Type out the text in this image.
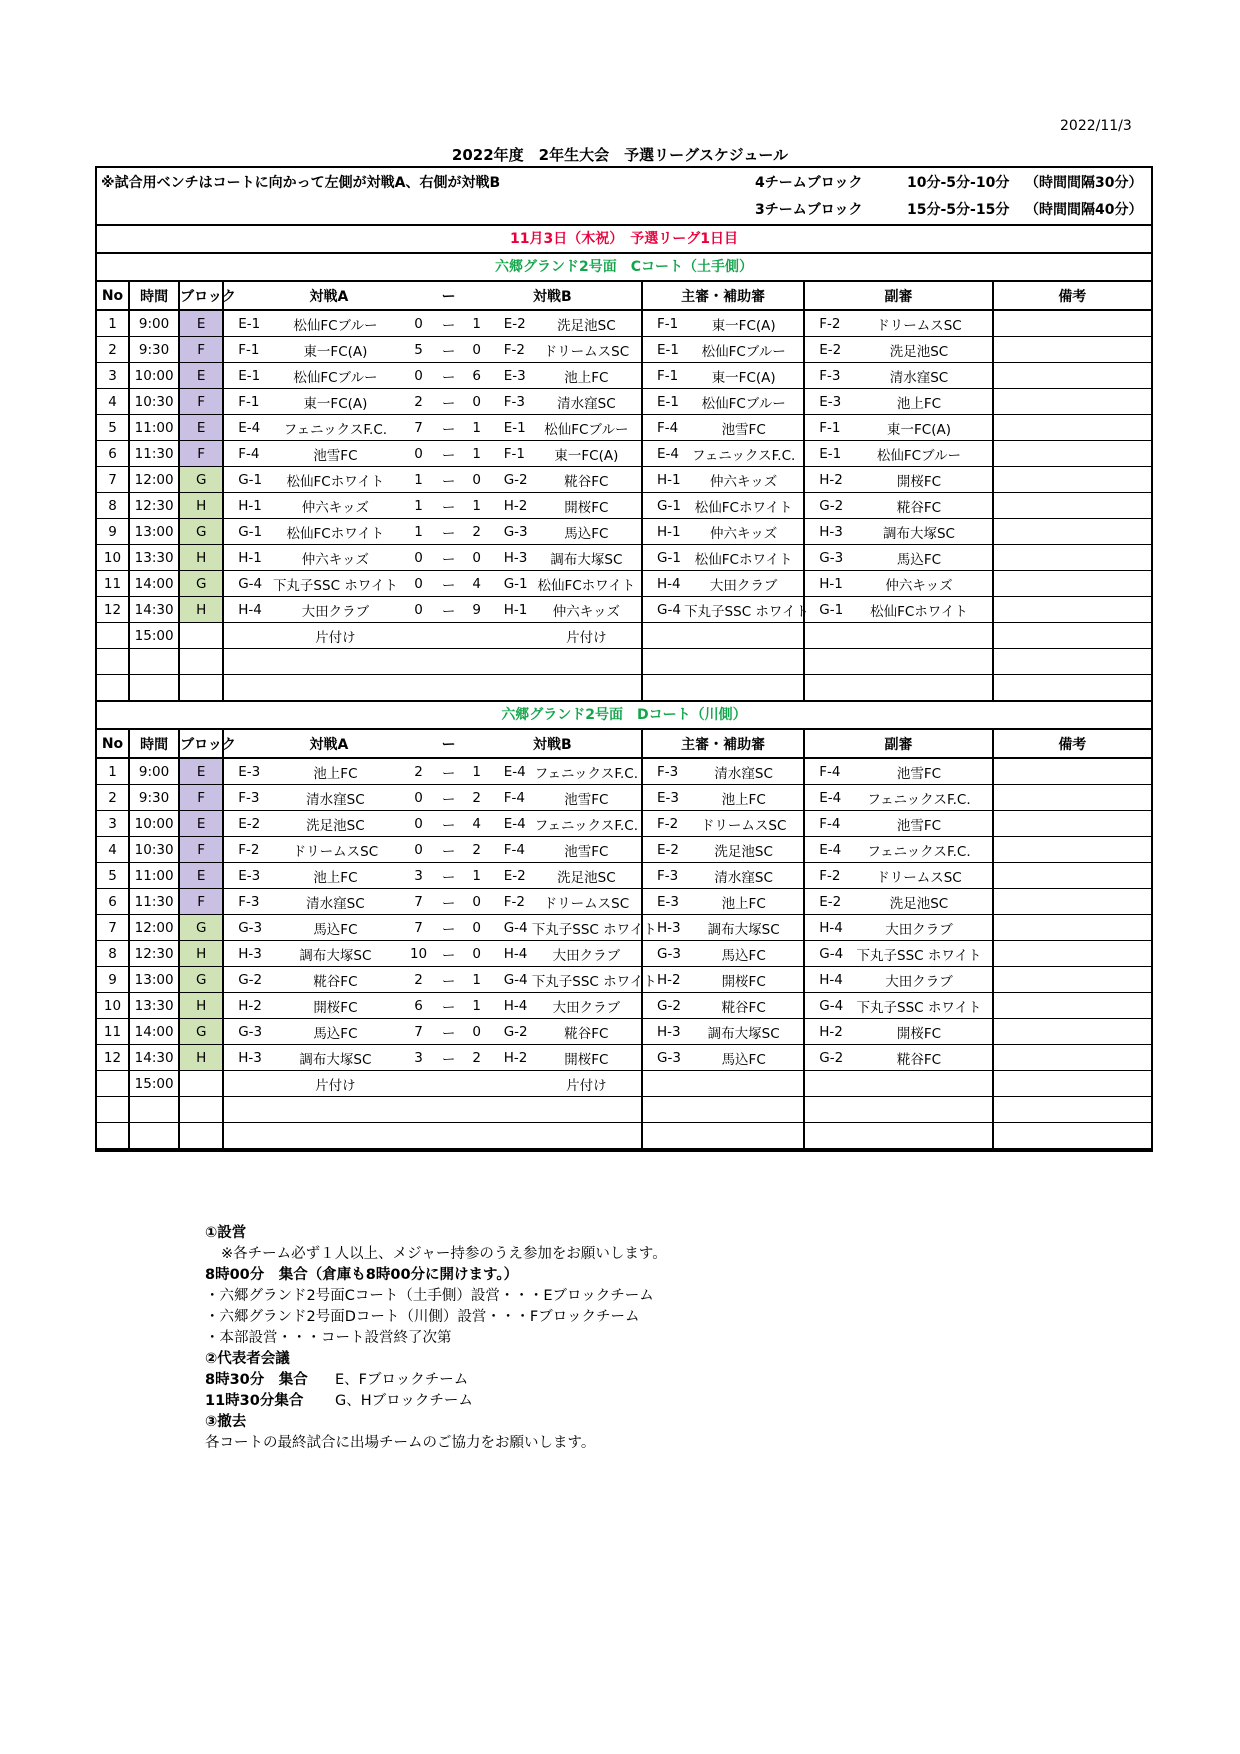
2022/11/3
2022年度　2年生大会　予選リーグスケジュール
※試合用ベンチはコートに向かって左側が対戦A、右側が対戦B	4チームブロック	10分-5分-10分 （時間間隔30分）
3チームブロック	15分-5分-15分 （時間間隔40分）
11月3日（木祝）　予選リーグ1日目
六郷グランド2号面　Cコート（土手側）
No	時間	ブロック	対戦A			ー	対戦B			主審・補助審		副審		備考
1	9:00	E	E-1	松仙FCブルー	0	ー	1	E-2	洗足池SC	F-1	東一FC(A)	F-2	ドリームスSC	
2	9:30	F	F-1	東一FC(A)	5	ー	0	F-2	ドリームスSC	E-1	松仙FCブルー	E-2	洗足池SC	
3	10:00	E	E-1	松仙FCブルー	0	ー	6	E-3	池上FC	F-1	東一FC(A)	F-3	清水窪SC	
4	10:30	F	F-1	東一FC(A)	2	ー	0	F-3	清水窪SC	E-1	松仙FCブルー	E-3	池上FC	
5	11:00	E	E-4	フェニックスF.C.	7	ー	1	E-1	松仙FCブルー	F-4	池雪FC	F-1	東一FC(A)	
6	11:30	F	F-4	池雪FC	0	ー	1	F-1	東一FC(A)	E-4	フェニックスF.C.	E-1	松仙FCブルー	
7	12:00	G	G-1	松仙FCホワイト	1	ー	0	G-2	糀谷FC	H-1	仲六キッズ	H-2	開桜FC	
8	12:30	H	H-1	仲六キッズ	1	ー	1	H-2	開桜FC	G-1	松仙FCホワイト	G-2	糀谷FC	
9	13:00	G	G-1	松仙FCホワイト	1	ー	2	G-3	馬込FC	H-1	仲六キッズ	H-3	調布大塚SC	
10	13:30	H	H-1	仲六キッズ	0	ー	0	H-3	調布大塚SC	G-1	松仙FCホワイト	G-3	馬込FC	
11	14:00	G	G-4	下丸子SSC ホワイト	0	ー	4	G-1	松仙FCホワイト	H-4	大田クラブ	H-1	仲六キッズ	
12	14:30	H	H-4	大田クラブ	0	ー	9	H-1	仲六キッズ	G-4	下丸子SSC ホワイト	G-1	松仙FCホワイト	
	15:00			片付け					片付け					

六郷グランド2号面　Dコート（川側）
No	時間	ブロック	対戦A			ー	対戦B			主審・補助審		副審		備考
1	9:00	E	E-3	池上FC	2	ー	1	E-4	フェニックスF.C.	F-3	清水窪SC	F-4	池雪FC	
2	9:30	F	F-3	清水窪SC	0	ー	2	F-4	池雪FC	E-3	池上FC	E-4	フェニックスF.C.	
3	10:00	E	E-2	洗足池SC	0	ー	4	E-4	フェニックスF.C.	F-2	ドリームスSC	F-4	池雪FC	
4	10:30	F	F-2	ドリームスSC	0	ー	2	F-4	池雪FC	E-2	洗足池SC	E-4	フェニックスF.C.	
5	11:00	E	E-3	池上FC	3	ー	1	E-2	洗足池SC	F-3	清水窪SC	F-2	ドリームスSC	
6	11:30	F	F-3	清水窪SC	7	ー	0	F-2	ドリームスSC	E-3	池上FC	E-2	洗足池SC	
7	12:00	G	G-3	馬込FC	7	ー	0	G-4	下丸子SSC ホワイト	H-3	調布大塚SC	H-4	大田クラブ	
8	12:30	H	H-3	調布大塚SC	10	ー	0	H-4	大田クラブ	G-3	馬込FC	G-4	下丸子SSC ホワイト	
9	13:00	G	G-2	糀谷FC	2	ー	1	G-4	下丸子SSC ホワイト	H-2	開桜FC	H-4	大田クラブ	
10	13:30	H	H-2	開桜FC	6	ー	1	H-4	大田クラブ	G-2	糀谷FC	G-4	下丸子SSC ホワイト	
11	14:00	G	G-3	馬込FC	7	ー	0	G-2	糀谷FC	H-3	調布大塚SC	H-2	開桜FC	
12	14:30	H	H-3	調布大塚SC	3	ー	2	H-2	開桜FC	G-3	馬込FC	G-2	糀谷FC	
	15:00			片付け					片付け					

①設営
※各チーム必ず１人以上、メジャー持参のうえ参加をお願いします。
8時00分　集合（倉庫も8時00分に開けます。）
・六郷グランド2号面Cコート（土手側）設営・・・Eブロックチーム
・六郷グランド2号面Dコート（川側）設営・・・Fブロックチーム
・本部設営・・・コート設営終了次第
②代表者会議
8時30分　集合 E、Fブロックチーム
11時30分集合 G、Hブロックチーム
③撤去
各コートの最終試合に出場チームのご協力をお願いします。
